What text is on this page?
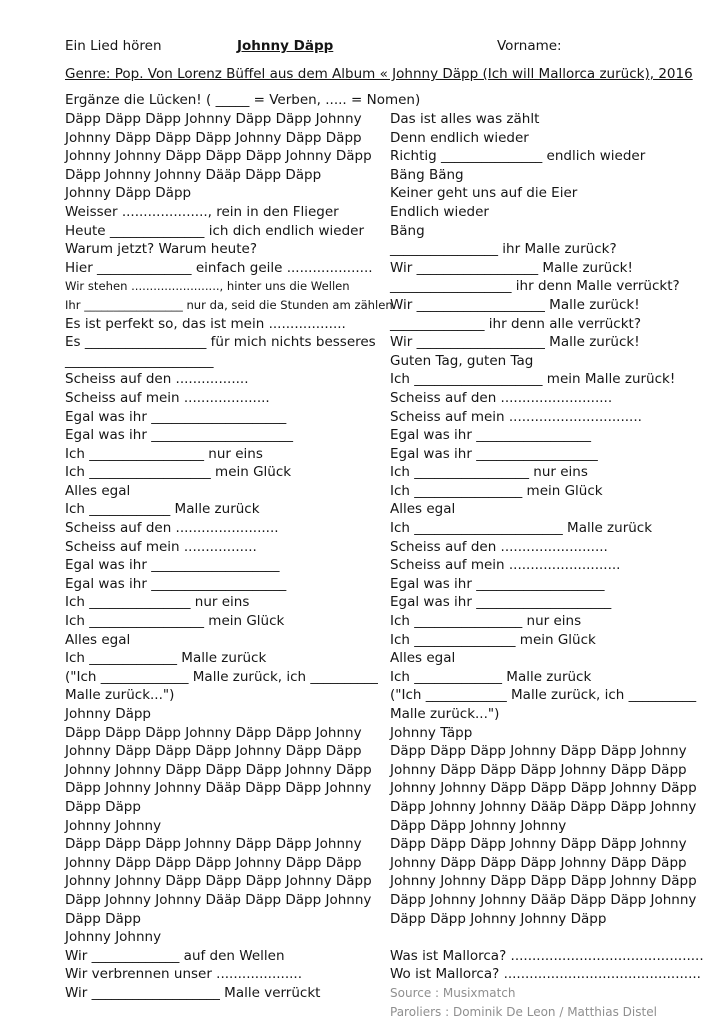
Ein Lied hören	Johnny Däpp	Vorname:
Genre: Pop. Von Lorenz Büffel aus dem Album « Johnny Däpp (Ich will Mallorca zurück), 2016
Ergänze die Lücken! ( _____ = Verben, ..... = Nomen)
Däpp Däpp Däpp Johnny Däpp Däpp Johnny
Johnny Däpp Däpp Däpp Johnny Däpp Däpp
Johnny Johnny Däpp Däpp Däpp Johnny Däpp
Däpp Johnny Johnny Dääp Däpp Däpp
Johnny Däpp Däpp
Weisser ...................., rein in den Flieger
Heute ______________ ich dich endlich wieder
Warum jetzt? Warum heute?
Hier ______________ einfach geile ....................
Wir stehen ........................, hinter uns die Wellen
Ihr _________________ nur da, seid die Stunden am zählen
Es ist perfekt so, das ist mein ..................
Es __________________ für mich nichts besseres
______________________
Scheiss auf den .................
Scheiss auf mein ....................
Egal was ihr ____________________
Egal was ihr _____________________
Ich _________________ nur eins
Ich __________________ mein Glück
Alles egal
Ich ____________ Malle zurück
Scheiss auf den ........................
Scheiss auf mein .................
Egal was ihr ___________________
Egal was ihr ____________________
Ich _______________ nur eins
Ich _________________ mein Glück
Alles egal
Ich _____________ Malle zurück
("Ich _____________ Malle zurück, ich __________
Malle zurück...")
Johnny Däpp
Däpp Däpp Däpp Johnny Däpp Däpp Johnny
Johnny Däpp Däpp Däpp Johnny Däpp Däpp
Johnny Johnny Däpp Däpp Däpp Johnny Däpp
Däpp Johnny Johnny Dääp Däpp Däpp Johnny
Däpp Däpp
Johnny Johnny
Däpp Däpp Däpp Johnny Däpp Däpp Johnny
Johnny Däpp Däpp Däpp Johnny Däpp Däpp
Johnny Johnny Däpp Däpp Däpp Johnny Däpp
Däpp Johnny Johnny Dääp Däpp Däpp Johnny
Däpp Däpp
Johnny Johnny
Wir _____________ auf den Wellen
Wir verbrennen unser ....................
Wir ___________________ Malle verrückt
Das ist alles was zählt
Denn endlich wieder
Richtig _______________ endlich wieder
Bäng Bäng
Keiner geht uns auf die Eier
Endlich wieder
Bäng
________________ ihr Malle zurück?
Wir __________________ Malle zurück!
__________________ ihr denn Malle verrückt?
Wir ___________________ Malle zurück!
______________ ihr denn alle verrückt?
Wir ___________________ Malle zurück!
Guten Tag, guten Tag
Ich ___________________ mein Malle zurück!
Scheiss auf den ..........................
Scheiss auf mein ...............................
Egal was ihr _________________
Egal was ihr __________________
Ich _________________ nur eins
Ich ________________ mein Glück
Alles egal
Ich ______________________ Malle zurück
Scheiss auf den .........................
Scheiss auf mein ..........................
Egal was ihr ___________________
Egal was ihr ____________________
Ich ________________ nur eins
Ich _______________ mein Glück
Alles egal
Ich _____________ Malle zurück
("Ich ____________ Malle zurück, ich __________
Malle zurück...")
Johnny Täpp
Däpp Däpp Däpp Johnny Däpp Däpp Johnny
Johnny Däpp Däpp Däpp Johnny Däpp Däpp
Johnny Johnny Däpp Däpp Däpp Johnny Däpp
Däpp Johnny Johnny Dääp Däpp Däpp Johnny
Däpp Däpp Johnny Johnny
Däpp Däpp Däpp Johnny Däpp Däpp Johnny
Johnny Däpp Däpp Däpp Johnny Däpp Däpp
Johnny Johnny Däpp Däpp Däpp Johnny Däpp
Däpp Johnny Johnny Dääp Däpp Däpp Johnny
Däpp Däpp Johnny Johnny Däpp

Was ist Mallorca? .............................................
Wo ist Mallorca? ..............................................
Source : Musixmatch
Paroliers : Dominik De Leon / Matthias Distel
